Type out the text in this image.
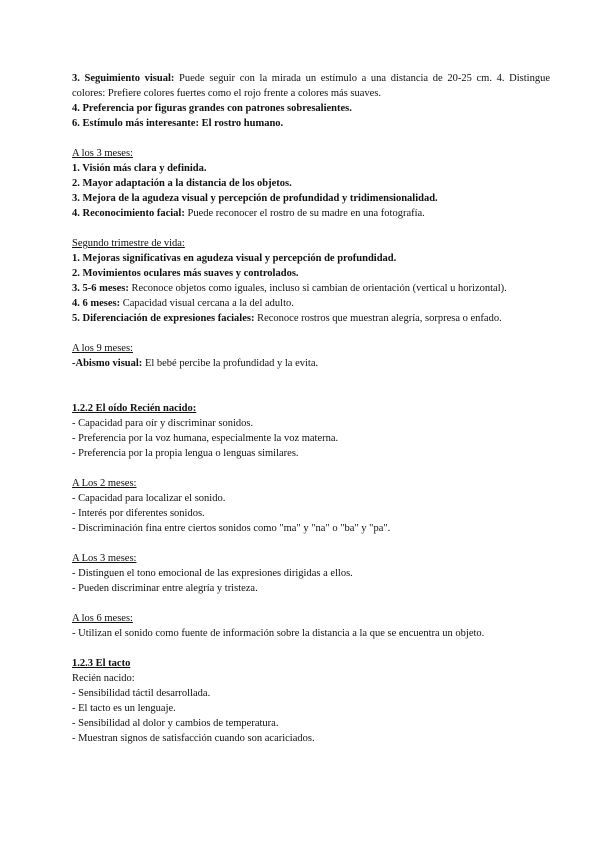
3. Seguimiento visual: Puede seguir con la mirada un estímulo a una distancia de 20-25 cm. 4. Distingue colores: Prefiere colores fuertes como el rojo frente a colores más suaves.
4. Preferencia por figuras grandes con patrones sobresalientes.
6. Estímulo más interesante: El rostro humano.
A los 3 meses:
1. Visión más clara y definida.
2. Mayor adaptación a la distancia de los objetos.
3. Mejora de la agudeza visual y percepción de profundidad y tridimensionalidad.
4. Reconocimiento facial: Puede reconocer el rostro de su madre en una fotografía.
Segundo trimestre de vida:
1. Mejoras significativas en agudeza visual y percepción de profundidad.
2. Movimientos oculares más suaves y controlados.
3. 5-6 meses: Reconoce objetos como iguales, incluso si cambian de orientación (vertical u horizontal).
4. 6 meses: Capacidad visual cercana a la del adulto.
5. Diferenciación de expresiones faciales: Reconoce rostros que muestran alegría, sorpresa o enfado.
A los 9 meses:
-Abismo visual: El bebé percibe la profundidad y la evita.
1.2.2 El oído Recién nacido:
- Capacidad para oír y discriminar sonidos.
- Preferencia por la voz humana, especialmente la voz materna.
- Preferencia por la propia lengua o lenguas similares.
A Los 2 meses:
- Capacidad para localizar el sonido.
- Interés por diferentes sonidos.
- Discriminación fina entre ciertos sonidos como "ma" y "na" o "ba" y "pa".
A Los 3 meses:
- Distinguen el tono emocional de las expresiones dirigidas a ellos.
- Pueden discriminar entre alegría y tristeza.
A los 6 meses:
- Utilizan el sonido como fuente de información sobre la distancia a la que se encuentra un objeto.
1.2.3 El tacto
Recién nacido:
- Sensibilidad táctil desarrollada.
- El tacto es un lenguaje.
- Sensibilidad al dolor y cambios de temperatura.
- Muestran signos de satisfacción cuando son acariciados.
